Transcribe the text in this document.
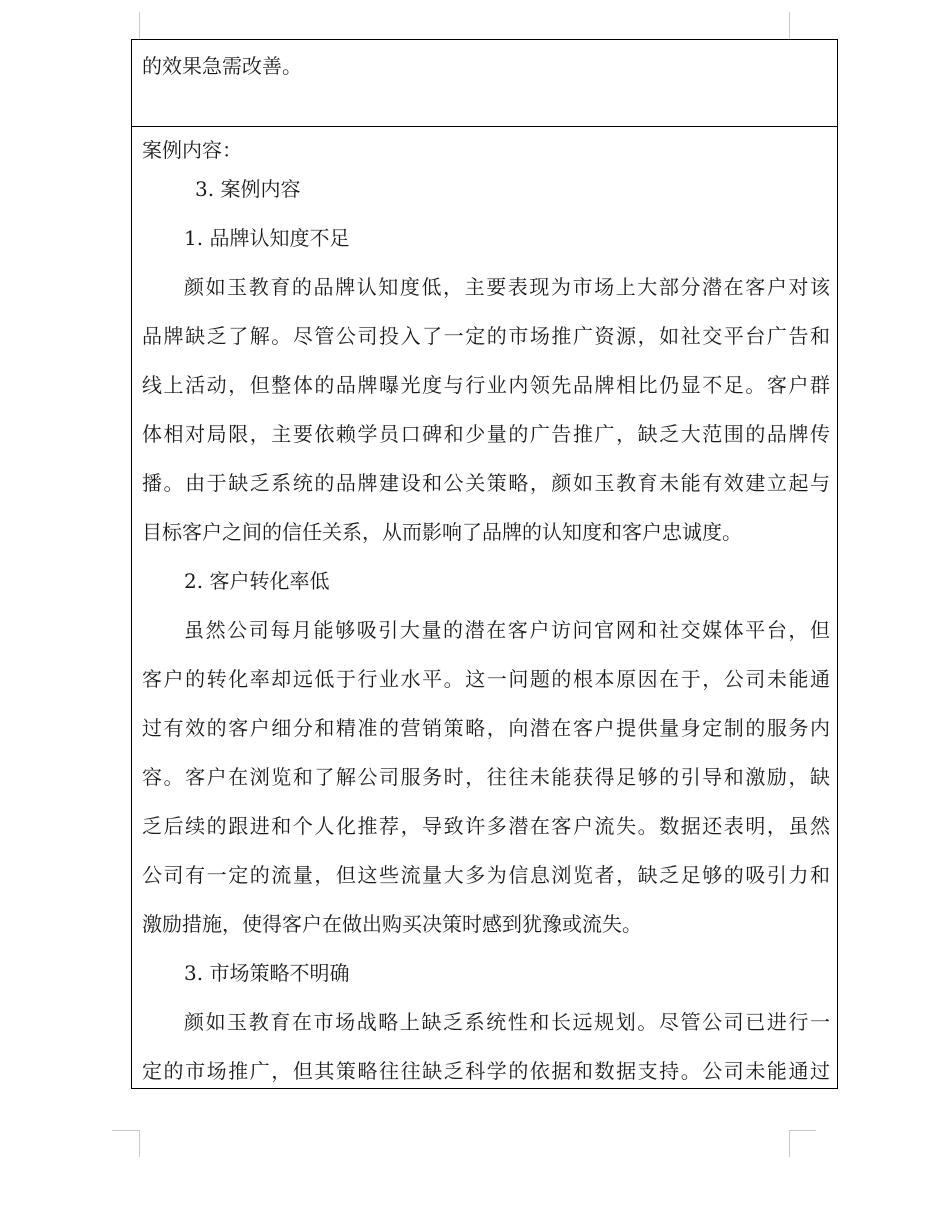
的效果急需改善。
案例内容：
3. 案例内容
1. 品牌认知度不足
颜如玉教育的品牌认知度低，主要表现为市场上大部分潜在客户对该
品牌缺乏了解。尽管公司投入了一定的市场推广资源，如社交平台广告和
线上活动，但整体的品牌曝光度与行业内领先品牌相比仍显不足。客户群
体相对局限，主要依赖学员口碑和少量的广告推广，缺乏大范围的品牌传
播。由于缺乏系统的品牌建设和公关策略，颜如玉教育未能有效建立起与
目标客户之间的信任关系，从而影响了品牌的认知度和客户忠诚度。
2. 客户转化率低
虽然公司每月能够吸引大量的潜在客户访问官网和社交媒体平台，但
客户的转化率却远低于行业水平。这一问题的根本原因在于，公司未能通
过有效的客户细分和精准的营销策略，向潜在客户提供量身定制的服务内
容。客户在浏览和了解公司服务时，往往未能获得足够的引导和激励，缺
乏后续的跟进和个人化推荐，导致许多潜在客户流失。数据还表明，虽然
公司有一定的流量，但这些流量大多为信息浏览者，缺乏足够的吸引力和
激励措施，使得客户在做出购买决策时感到犹豫或流失。
3. 市场策略不明确
颜如玉教育在市场战略上缺乏系统性和长远规划。尽管公司已进行一
定的市场推广，但其策略往往缺乏科学的依据和数据支持。公司未能通过
